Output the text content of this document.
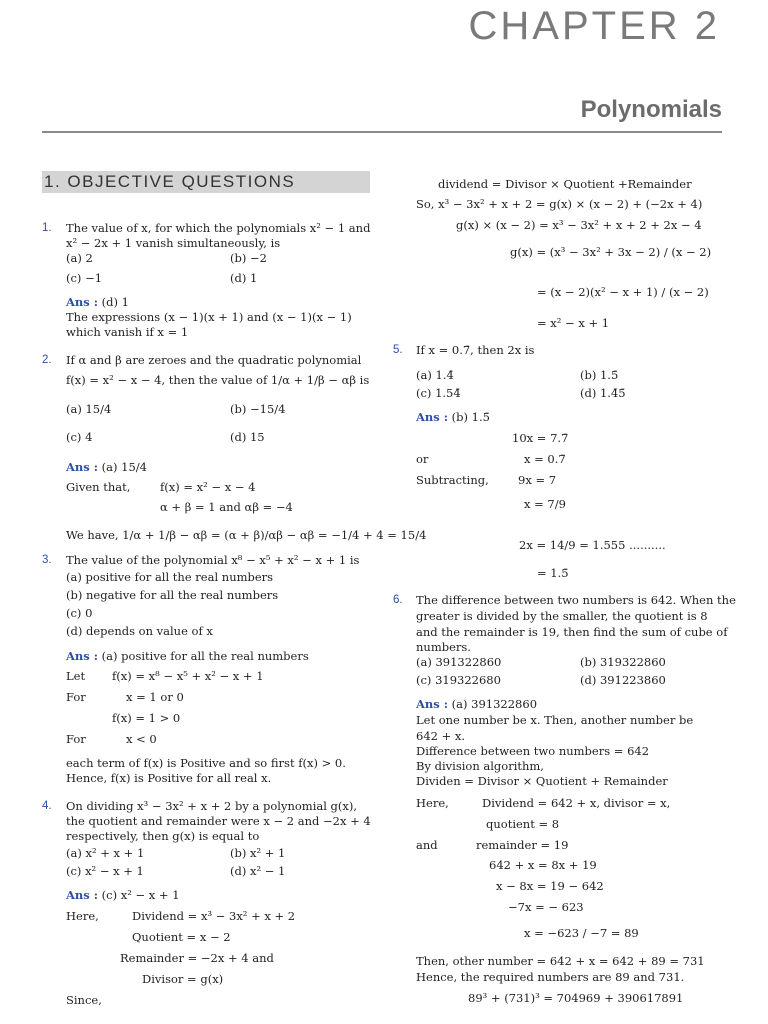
CHAPTER 2
Polynomials
1. OBJECTIVE QUESTIONS
1. The value of x, for which the polynomials x² − 1 and
x² − 2x + 1 vanish simultaneously, is
(a) 2	(b) −2
(c) −1	(d) 1
Ans : (d) 1
The expressions (x − 1)(x + 1) and (x − 1)(x − 1)
which vanish if x = 1
2. If α and β are zeroes and the quadratic polynomial
f(x) = x² − x − 4, then the value of 1/α + 1/β − αβ is
(a) 15/4	(b) −15/4
(c) 4	(d) 15
Ans : (a) 15/4
Given that,	f(x) = x² − x − 4
α + β = 1 and αβ = −4
We have, 1/α + 1/β − αβ = (α + β)/αβ − αβ = −1/4 + 4 = 15/4
3. The value of the polynomial x⁸ − x⁵ + x² − x + 1 is
(a) positive for all the real numbers
(b) negative for all the real numbers
(c) 0
(d) depends on value of x
Ans : (a) positive for all the real numbers
Let f(x) = x⁸ − x⁵ + x² − x + 1
For	x = 1 or 0
f(x) = 1 > 0
For	x < 0
each term of f(x) is Positive and so first f(x) > 0.
Hence, f(x) is Positive for all real x.
4. On dividing x³ − 3x² + x + 2 by a polynomial g(x),
the quotient and remainder were x − 2 and −2x + 4
respectively, then g(x) is equal to
(a) x² + x + 1	(b) x² + 1
(c) x² − x + 1	(d) x² − 1
Ans : (c) x² − x + 1
Here,	Dividend = x³ − 3x² + x + 2
Quotient = x − 2
Remainder = −2x + 4 and
Divisor = g(x)
Since,
dividend = Divisor × Quotient +Remainder
So, x³ − 3x² + x + 2 = g(x) × (x − 2) + (−2x + 4)
g(x) × (x − 2) = x³ − 3x² + x + 2 + 2x − 4
g(x) = (x³ − 3x² + 3x − 2) / (x − 2)
= (x − 2)(x² − x + 1) / (x − 2)
= x² − x + 1
5. If x = 0.7̄, then 2x is
(a) 1.4̄	(b) 1.5̄
(c) 1.54̄	(d) 1.4̄5̄
Ans : (b) 1.5̄
10x = 7.7̄
or	x = 0.7̄
Subtracting,	9x = 7
x = 7/9
2x = 14/9 = 1.555 ..........
= 1.5̄
6. The difference between two numbers is 642. When the
greater is divided by the smaller, the quotient is 8
and the remainder is 19, then find the sum of cube of
numbers.
(a) 391322860	(b) 319322860
(c) 319322680	(d) 391223860
Ans : (a) 391322860
Let one number be x. Then, another number be
642 + x.
Difference between two numbers = 642
By division algorithm,
Dividen = Divisor × Quotient + Remainder
Here,	Dividend = 642 + x, divisor = x,
quotient = 8
and	remainder = 19
642 + x = 8x + 19
x − 8x = 19 − 642
−7x = − 623
x = −623 / −7 = 89
Then, other number = 642 + x = 642 + 89 = 731
Hence, the required numbers are 89 and 731.
89³ + (731)³ = 704969 + 390617891
